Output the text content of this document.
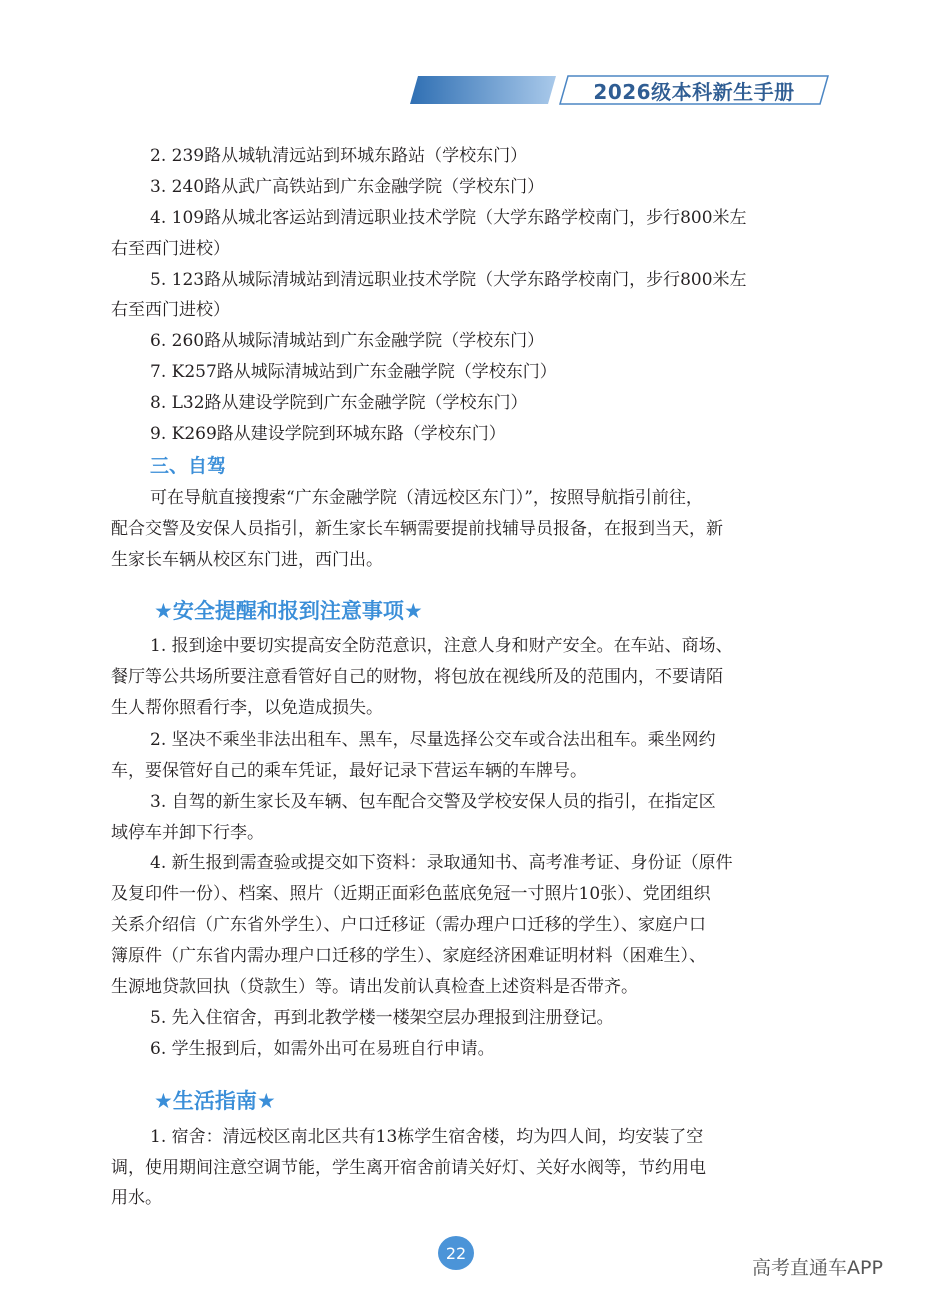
2026级本科新生手册
2. 239路从城轨清远站到环城东路站（学校东门）
3. 240路从武广高铁站到广东金融学院（学校东门）
4. 109路从城北客运站到清远职业技术学院（大学东路学校南门，步行800米左
右至西门进校）
5. 123路从城际清城站到清远职业技术学院（大学东路学校南门，步行800米左
右至西门进校）
6. 260路从城际清城站到广东金融学院（学校东门）
7. K257路从城际清城站到广东金融学院（学校东门）
8. L32路从建设学院到广东金融学院（学校东门）
9. K269路从建设学院到环城东路（学校东门）
三、自驾
可在导航直接搜索“广东金融学院（清远校区东门）”，按照导航指引前往，
配合交警及安保人员指引，新生家长车辆需要提前找辅导员报备，在报到当天，新
生家长车辆从校区东门进，西门出。
★安全提醒和报到注意事项★
1. 报到途中要切实提高安全防范意识，注意人身和财产安全。在车站、商场、
餐厅等公共场所要注意看管好自己的财物，将包放在视线所及的范围内，不要请陌
生人帮你照看行李，以免造成损失。
2. 坚决不乘坐非法出租车、黑车，尽量选择公交车或合法出租车。乘坐网约
车，要保管好自己的乘车凭证，最好记录下营运车辆的车牌号。
3. 自驾的新生家长及车辆、包车配合交警及学校安保人员的指引，在指定区
域停车并卸下行李。
4. 新生报到需查验或提交如下资料：录取通知书、高考准考证、身份证（原件
及复印件一份）、档案、照片（近期正面彩色蓝底免冠一寸照片10张）、党团组织
关系介绍信（广东省外学生）、户口迁移证（需办理户口迁移的学生）、家庭户口
簿原件（广东省内需办理户口迁移的学生）、家庭经济困难证明材料（困难生）、
生源地贷款回执（贷款生）等。请出发前认真检查上述资料是否带齐。
5. 先入住宿舍，再到北教学楼一楼架空层办理报到注册登记。
6. 学生报到后，如需外出可在易班自行申请。
★生活指南★
1. 宿舍：清远校区南北区共有13栋学生宿舍楼，均为四人间，均安装了空
调，使用期间注意空调节能，学生离开宿舍前请关好灯、关好水阀等，节约用电
用水。
22
高考直通车APP
